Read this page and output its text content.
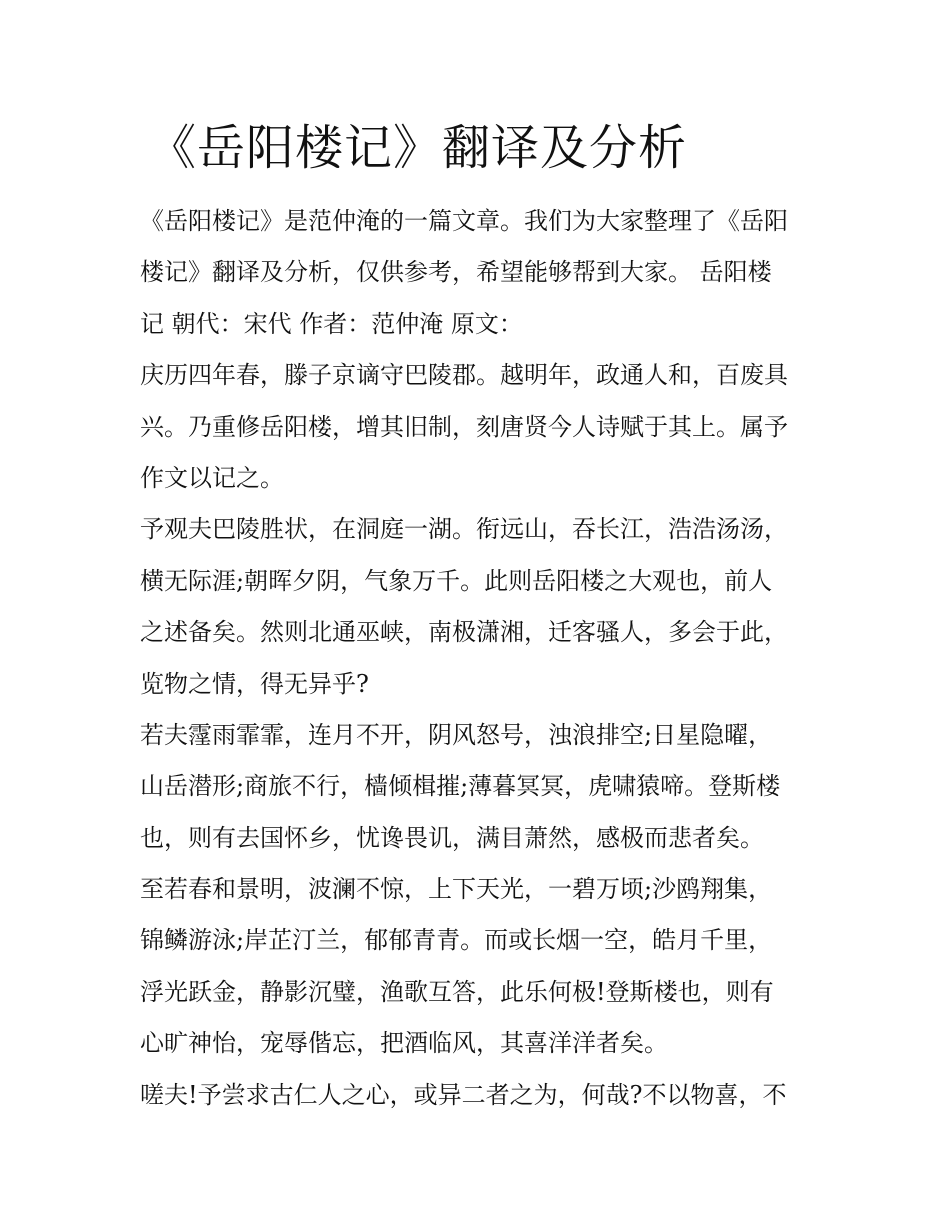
《岳阳楼记》翻译及分析

《岳阳楼记》是范仲淹的一篇文章。我们为大家整理了《岳阳
楼记》翻译及分析，仅供参考，希望能够帮到大家。 岳阳楼
记 朝代：宋代 作者：范仲淹 原文：

庆历四年春，滕子京谪守巴陵郡。越明年，政通人和，百废具
兴。乃重修岳阳楼，增其旧制，刻唐贤今人诗赋于其上。属予
作文以记之。

予观夫巴陵胜状，在洞庭一湖。衔远山，吞长江，浩浩汤汤，
横无际涯;朝晖夕阴，气象万千。此则岳阳楼之大观也，前人
之述备矣。然则北通巫峡，南极潇湘，迁客骚人，多会于此，
览物之情，得无异乎?

若夫霪雨霏霏，连月不开，阴风怒号，浊浪排空;日星隐曜，
山岳潜形;商旅不行，樯倾楫摧;薄暮冥冥，虎啸猿啼。登斯楼
也，则有去国怀乡，忧谗畏讥，满目萧然，感极而悲者矣。

至若春和景明，波澜不惊，上下天光，一碧万顷;沙鸥翔集，
锦鳞游泳;岸芷汀兰，郁郁青青。而或长烟一空，皓月千里，
浮光跃金，静影沉璧，渔歌互答，此乐何极!登斯楼也，则有
心旷神怡，宠辱偕忘，把酒临风，其喜洋洋者矣。

嗟夫!予尝求古仁人之心，或异二者之为，何哉?不以物喜，不
